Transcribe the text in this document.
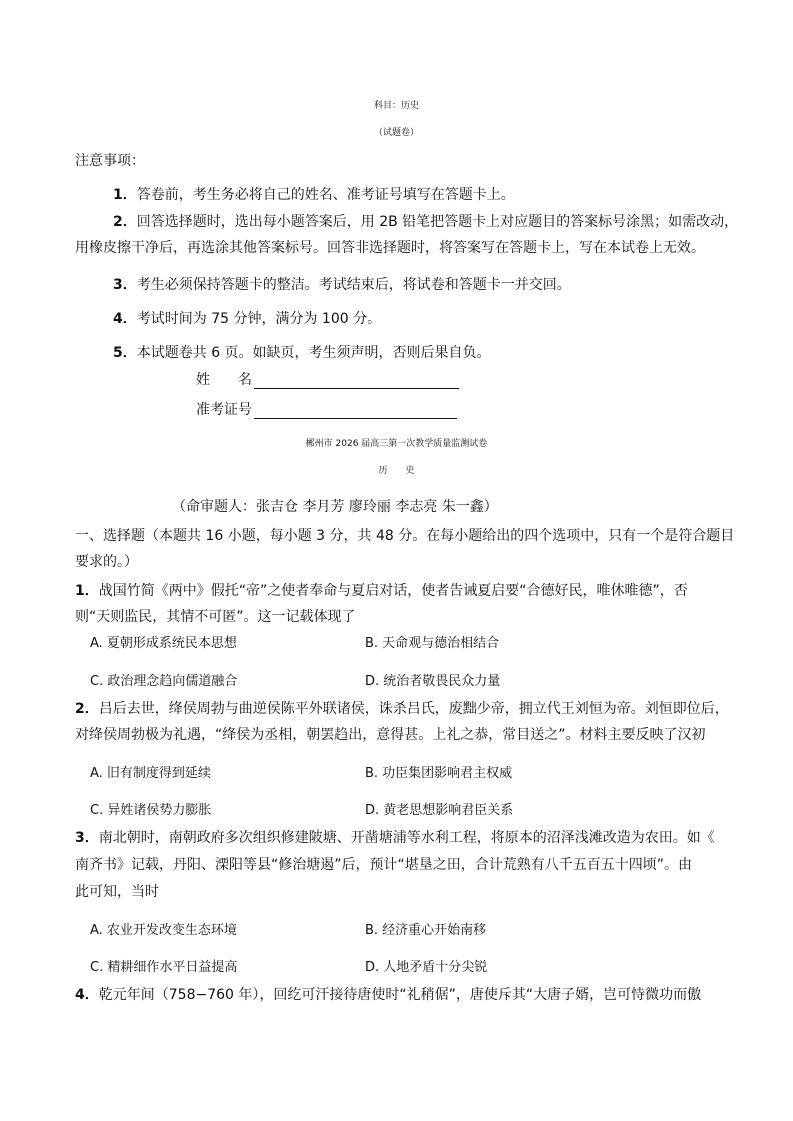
科目：历史
（试题卷）
注意事项：
1．答卷前，考生务必将自己的姓名、准考证号填写在答题卡上。
2．回答选择题时，选出每小题答案后，用 2B 铅笔把答题卡上对应题目的答案标号涂黑；如需改动，
用橡皮擦干净后，再选涂其他答案标号。回答非选择题时，将答案写在答题卡上，写在本试卷上无效。
3．考生必须保持答题卡的整洁。考试结束后，将试卷和答题卡一并交回。
4．考试时间为 75 分钟，满分为 100 分。
5．本试题卷共 6 页。如缺页，考生须声明，否则后果自负。
姓　　名
准考证号
郴州市 2026 届高三第一次教学质量监测试卷
历　　史
（命审题人：张吉仓 李月芳 廖玲丽 李志亮 朱一鑫）
一、选择题（本题共 16 小题，每小题 3 分，共 48 分。在每小题给出的四个选项中，只有一个是符合题目
要求的。）
1．战国竹简《两中》假托“帝”之使者奉命与夏启对话，使者告诫夏启要“合德好民，唯休唯德”，否
则“天则监民，其情不可匿”。这一记载体现了
A. 夏朝形成系统民本思想	B. 天命观与德治相结合
C. 政治理念趋向儒道融合	D. 统治者敬畏民众力量
2．吕后去世，绛侯周勃与曲逆侯陈平外联诸侯，诛杀吕氏，废黜少帝，拥立代王刘恒为帝。刘恒即位后，
对绛侯周勃极为礼遇，“绛侯为丞相，朝罢趋出，意得甚。上礼之恭，常目送之”。材料主要反映了汉初
A. 旧有制度得到延续	B. 功臣集团影响君主权威
C. 异姓诸侯势力膨胀	D. 黄老思想影响君臣关系
3．南北朝时，南朝政府多次组织修建陂塘、开凿塘浦等水利工程，将原本的沼泽浅滩改造为农田。如《
南齐书》记载，丹阳、溧阳等县“修治塘遏”后，预计“堪垦之田，合计荒熟有八千五百五十四顷”。由
此可知，当时
A. 农业开发改变生态环境	B. 经济重心开始南移
C. 精耕细作水平日益提高	D. 人地矛盾十分尖锐
4．乾元年间（758−760 年），回纥可汗接待唐使时“礼稍倨”，唐使斥其“大唐子婿，岂可恃微功而傲
